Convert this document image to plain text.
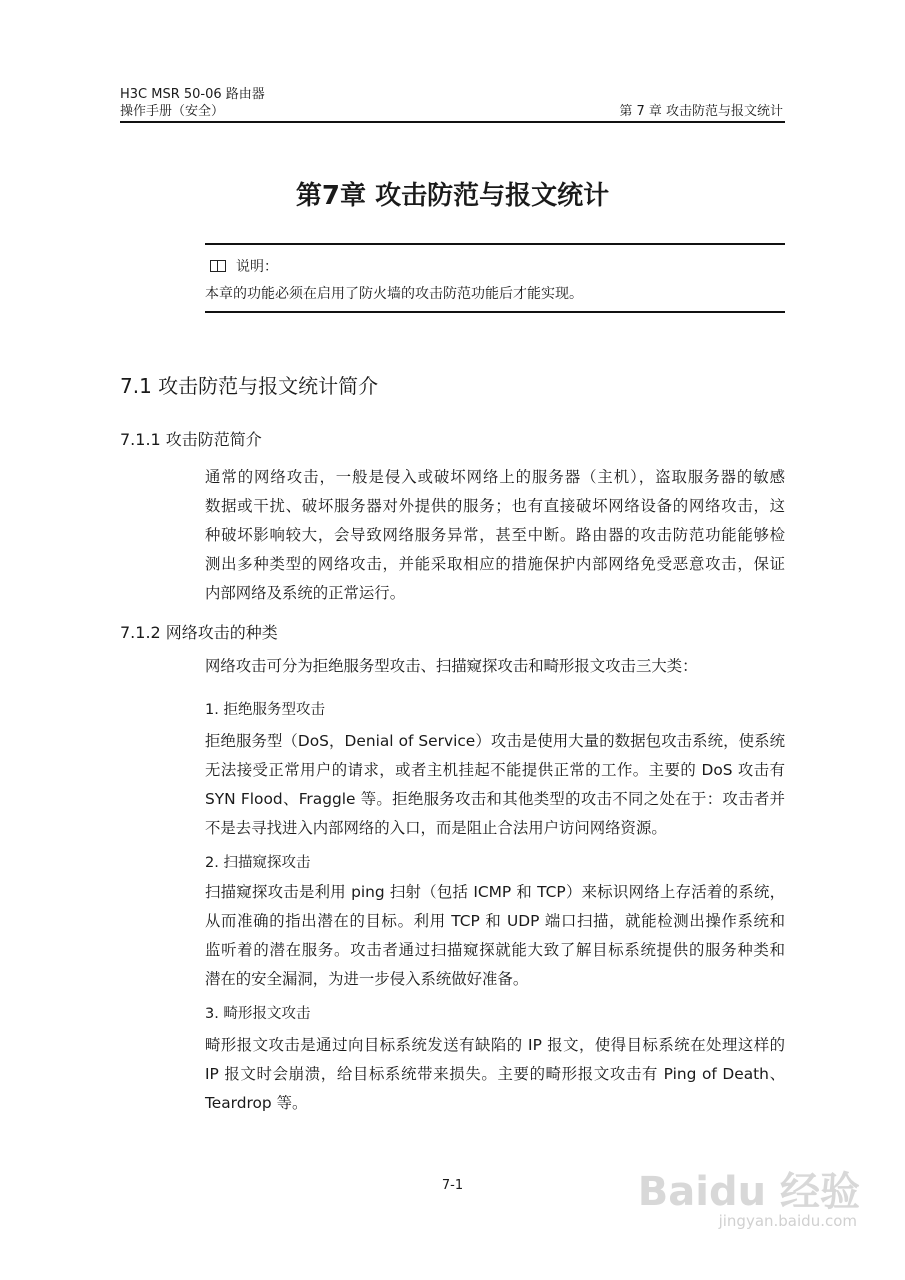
H3C MSR 50-06 路由器
操作手册（安全）	第 7 章 攻击防范与报文统计
第7章 攻击防范与报文统计
说明：
本章的功能必须在启用了防火墙的攻击防范功能后才能实现。
7.1 攻击防范与报文统计简介
7.1.1 攻击防范简介
通常的网络攻击，一般是侵入或破坏网络上的服务器（主机），盗取服务器的敏感
数据或干扰、破坏服务器对外提供的服务；也有直接破坏网络设备的网络攻击，这
种破坏影响较大，会导致网络服务异常，甚至中断。路由器的攻击防范功能能够检
测出多种类型的网络攻击，并能采取相应的措施保护内部网络免受恶意攻击，保证
内部网络及系统的正常运行。
7.1.2 网络攻击的种类
网络攻击可分为拒绝服务型攻击、扫描窥探攻击和畸形报文攻击三大类：
1. 拒绝服务型攻击
拒绝服务型（DoS，Denial of Service）攻击是使用大量的数据包攻击系统，使系统
无法接受正常用户的请求，或者主机挂起不能提供正常的工作。主要的 DoS 攻击有
SYN Flood、Fraggle 等。拒绝服务攻击和其他类型的攻击不同之处在于：攻击者并
不是去寻找进入内部网络的入口，而是阻止合法用户访问网络资源。
2. 扫描窥探攻击
扫描窥探攻击是利用 ping 扫射（包括 ICMP 和 TCP）来标识网络上存活着的系统，
从而准确的指出潜在的目标。利用 TCP 和 UDP 端口扫描，就能检测出操作系统和
监听着的潜在服务。攻击者通过扫描窥探就能大致了解目标系统提供的服务种类和
潜在的安全漏洞，为进一步侵入系统做好准备。
3. 畸形报文攻击
畸形报文攻击是通过向目标系统发送有缺陷的 IP 报文，使得目标系统在处理这样的
IP 报文时会崩溃，给目标系统带来损失。主要的畸形报文攻击有 Ping of Death、
Teardrop 等。
7-1	Baidu 经验
jingyan.baidu.com
